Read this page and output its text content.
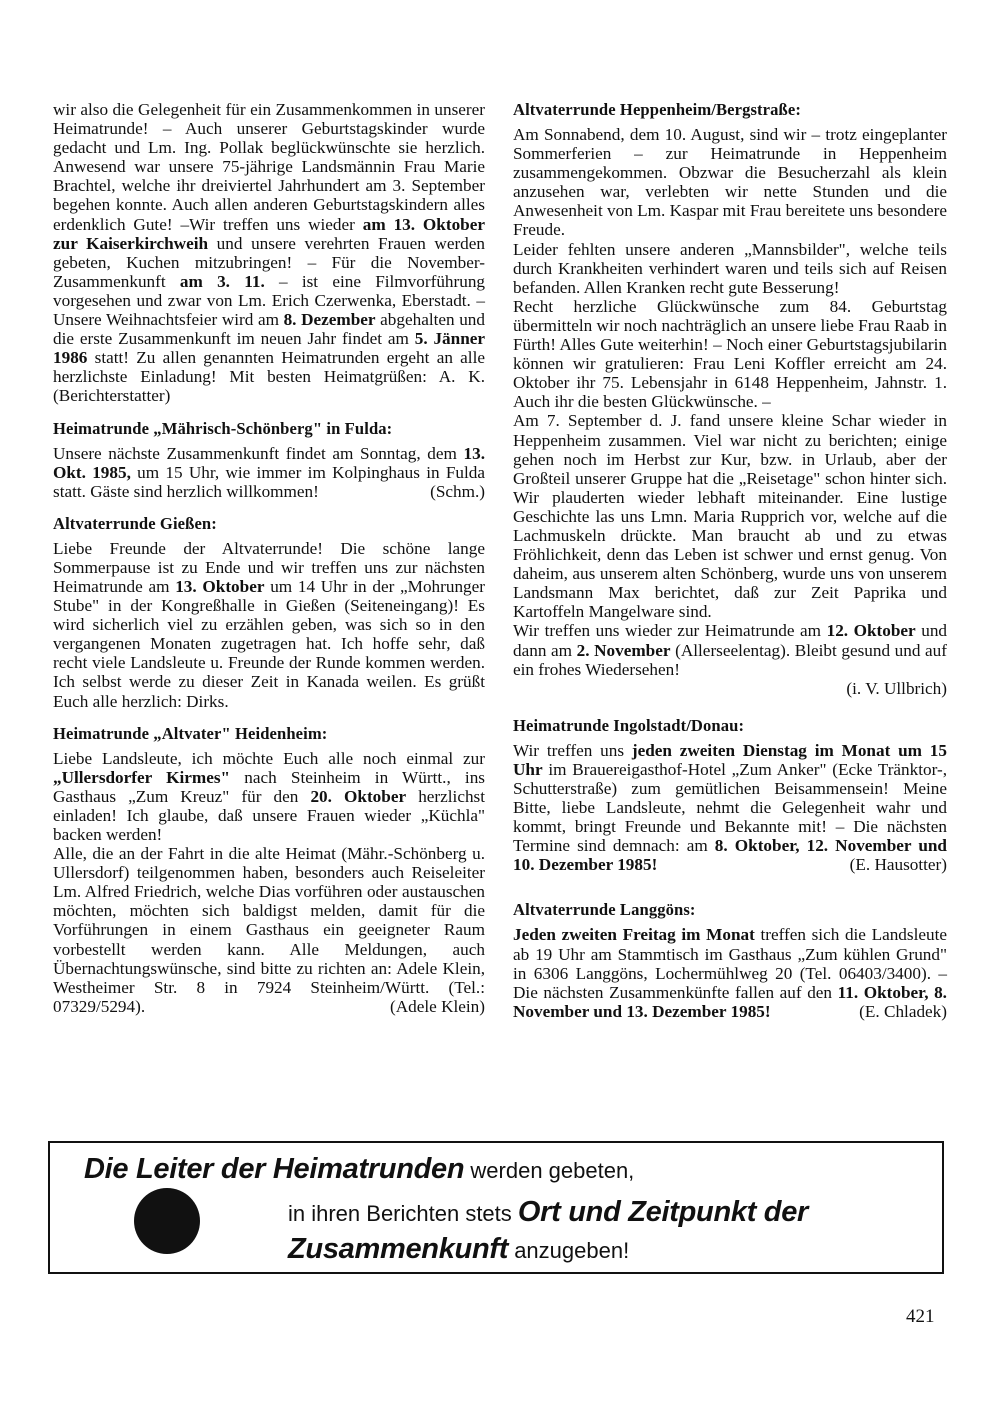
wir also die Gelegenheit für ein Zusammenkommen in unserer Heimatrunde! – Auch unserer Geburtstagskinder wurde gedacht und Lm. Ing. Pollak beglückwünschte sie herzlich. Anwesend war unsere 75-jährige Landsmännin Frau Marie Brachtel, welche ihr dreiviertel Jahrhundert am 3. September begehen konnte. Auch allen anderen Geburtstagskindern alles erdenklich Gute! –Wir treffen uns wieder am 13. Oktober zur Kaiserkirchweih und unsere verehrten Frauen werden gebeten, Kuchen mitzubringen! – Für die November-Zusammenkunft am 3. 11. – ist eine Filmvorführung vorgesehen und zwar von Lm. Erich Czerwenka, Eberstadt. – Unsere Weihnachtsfeier wird am 8. Dezember abgehalten und die erste Zusammenkunft im neuen Jahr findet am 5. Jänner 1986 statt! Zu allen genannten Heimatrunden ergeht an alle herzlichste Einladung! Mit besten Heimatgrüßen: A. K. (Berichterstatter)

Heimatrunde „Mährisch-Schönberg" in Fulda:

Unsere nächste Zusammenkunft findet am Sonntag, dem 13. Okt. 1985, um 15 Uhr, wie immer im Kolpinghaus in Fulda statt. Gäste sind herzlich willkommen!	(Schm.)

Altvaterrunde Gießen:

Liebe Freunde der Altvaterrunde! Die schöne lange Sommerpause ist zu Ende und wir treffen uns zur nächsten Heimatrunde am 13. Oktober um 14 Uhr in der „Mohrunger Stube" in der Kongreßhalle in Gießen (Seiteneingang)! Es wird sicherlich viel zu erzählen geben, was sich so in den vergangenen Monaten zugetragen hat. Ich hoffe sehr, daß recht viele Landsleute u. Freunde der Runde kommen werden. Ich selbst werde zu dieser Zeit in Kanada weilen. Es grüßt Euch alle herzlich: Dirks.

Heimatrunde „Altvater" Heidenheim:

Liebe Landsleute, ich möchte Euch alle noch einmal zur „Ullersdorfer Kirmes" nach Steinheim in Württ., ins Gasthaus „Zum Kreuz" für den 20. Oktober herzlichst einladen! Ich glaube, daß unsere Frauen wieder „Küchla" backen werden!

Alle, die an der Fahrt in die alte Heimat (Mähr.-Schönberg u. Ullersdorf) teilgenommen haben, besonders auch Reiseleiter Lm. Alfred Friedrich, welche Dias vorführen oder austauschen möchten, möchten sich baldigst melden, damit für die Vorführungen in einem Gasthaus ein geeigneter Raum vorbestellt werden kann. Alle Meldungen, auch Übernachtungswünsche, sind bitte zu richten an: Adele Klein, Westheimer Str. 8 in 7924 Steinheim/Württ. (Tel.: 07329/5294).	(Adele Klein)

Altvaterrunde Heppenheim/Bergstraße:

Am Sonnabend, dem 10. August, sind wir – trotz eingeplanter Sommerferien – zur Heimatrunde in Heppenheim zusammengekommen. Obzwar die Besucherzahl als klein anzusehen war, verlebten wir nette Stunden und die Anwesenheit von Lm. Kaspar mit Frau bereitete uns besondere Freude.

Leider fehlten unsere anderen „Mannsbilder", welche teils durch Krankheiten verhindert waren und teils sich auf Reisen befanden. Allen Kranken recht gute Besserung!

Recht herzliche Glückwünsche zum 84. Geburtstag übermitteln wir noch nachträglich an unsere liebe Frau Raab in Fürth! Alles Gute weiterhin! – Noch einer Geburtstagsjubilarin können wir gratulieren: Frau Leni Koffler erreicht am 24. Oktober ihr 75. Lebensjahr in 6148 Heppenheim, Jahnstr. 1. Auch ihr die besten Glückwünsche. –

Am 7. September d. J. fand unsere kleine Schar wieder in Heppenheim zusammen. Viel war nicht zu berichten; einige gehen noch im Herbst zur Kur, bzw. in Urlaub, aber der Großteil unserer Gruppe hat die „Reisetage" schon hinter sich. Wir plauderten wieder lebhaft miteinander. Eine lustige Geschichte las uns Lmn. Maria Rupprich vor, welche auf die Lachmuskeln drückte. Man braucht ab und zu etwas Fröhlichkeit, denn das Leben ist schwer und ernst genug. Von daheim, aus unserem alten Schönberg, wurde uns von unserem Landsmann Max berichtet, daß zur Zeit Paprika und Kartoffeln Mangelware sind.

Wir treffen uns wieder zur Heimatrunde am 12. Oktober und dann am 2. November (Allerseelentag). Bleibt gesund und auf ein frohes Wiedersehen!

(i. V. Ullbrich)

Heimatrunde Ingolstadt/Donau:

Wir treffen uns jeden zweiten Dienstag im Monat um 15 Uhr im Brauereigasthof-Hotel „Zum Anker" (Ecke Tränktor-, Schutterstraße) zum gemütlichen Beisammensein! Meine Bitte, liebe Landsleute, nehmt die Gelegenheit wahr und kommt, bringt Freunde und Bekannte mit! – Die nächsten Termine sind demnach: am 8. Oktober, 12. November und 10. Dezember 1985!	(E. Hausotter)

Altvaterrunde Langgöns:

Jeden zweiten Freitag im Monat treffen sich die Landsleute ab 19 Uhr am Stammtisch im Gasthaus „Zum kühlen Grund" in 6306 Langgöns, Lochermühlweg 20 (Tel. 06403/3400). – Die nächsten Zusammenkünfte fallen auf den 11. Oktober, 8. November und 13. Dezember 1985!	(E. Chladek)

Die Leiter der Heimatrunden werden gebeten,
in ihren Berichten stets Ort und Zeitpunkt der
Zusammenkunft anzugeben!
421
